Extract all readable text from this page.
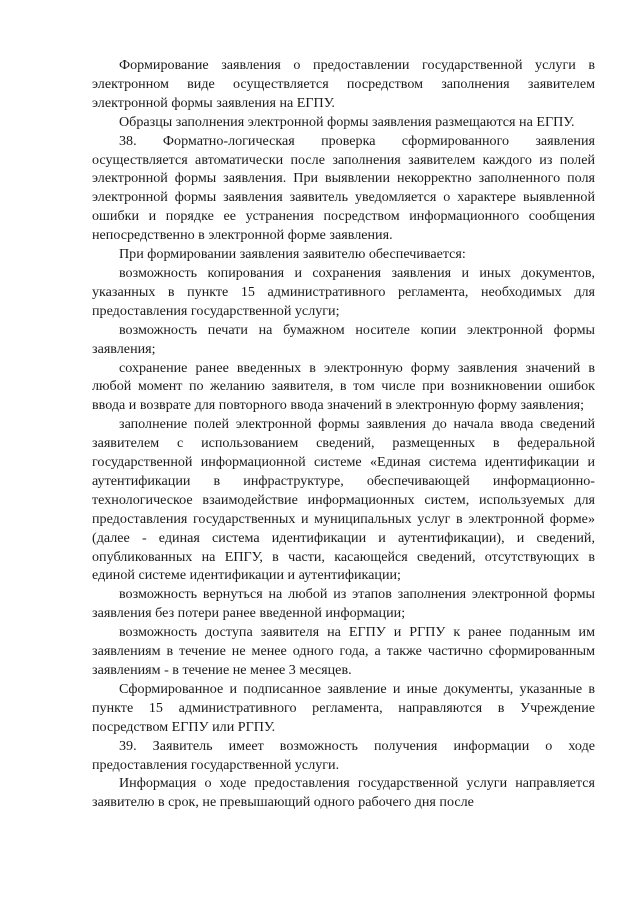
Формирование заявления о предоставлении государственной услуги в электронном виде осуществляется посредством заполнения заявителем электронной формы заявления на ЕГПУ.

Образцы заполнения электронной формы заявления размещаются на ЕГПУ.

38. Форматно-логическая проверка сформированного заявления осуществляется автоматически после заполнения заявителем каждого из полей электронной формы заявления. При выявлении некорректно заполненного поля электронной формы заявления заявитель уведомляется о характере выявленной ошибки и порядке ее устранения посредством информационного сообщения непосредственно в электронной форме заявления.

При формировании заявления заявителю обеспечивается:

возможность копирования и сохранения заявления и иных документов, указанных в пункте 15 административного регламента, необходимых для предоставления государственной услуги;

возможность печати на бумажном носителе копии электронной формы заявления;

сохранение ранее введенных в электронную форму заявления значений в любой момент по желанию заявителя, в том числе при возникновении ошибок ввода и возврате для повторного ввода значений в электронную форму заявления;

заполнение полей электронной формы заявления до начала ввода сведений заявителем с использованием сведений, размещенных в федеральной государственной информационной системе «Единая система идентификации и аутентификации в инфраструктуре, обеспечивающей информационно-технологическое взаимодействие информационных систем, используемых для предоставления государственных и муниципальных услуг в электронной форме» (далее - единая система идентификации и аутентификации), и сведений, опубликованных на ЕПГУ, в части, касающейся сведений, отсутствующих в единой системе идентификации и аутентификации;

возможность вернуться на любой из этапов заполнения электронной формы заявления без потери ранее введенной информации;

возможность доступа заявителя на ЕГПУ и РГПУ к ранее поданным им заявлениям в течение не менее одного года, а также частично сформированным заявлениям - в течение не менее 3 месяцев.

Сформированное и подписанное заявление и иные документы, указанные в пункте 15 административного регламента, направляются в Учреждение посредством ЕГПУ или РГПУ.

39. Заявитель имеет возможность получения информации о ходе предоставления государственной услуги.

Информация о ходе предоставления государственной услуги направляется заявителю в срок, не превышающий одного рабочего дня после
